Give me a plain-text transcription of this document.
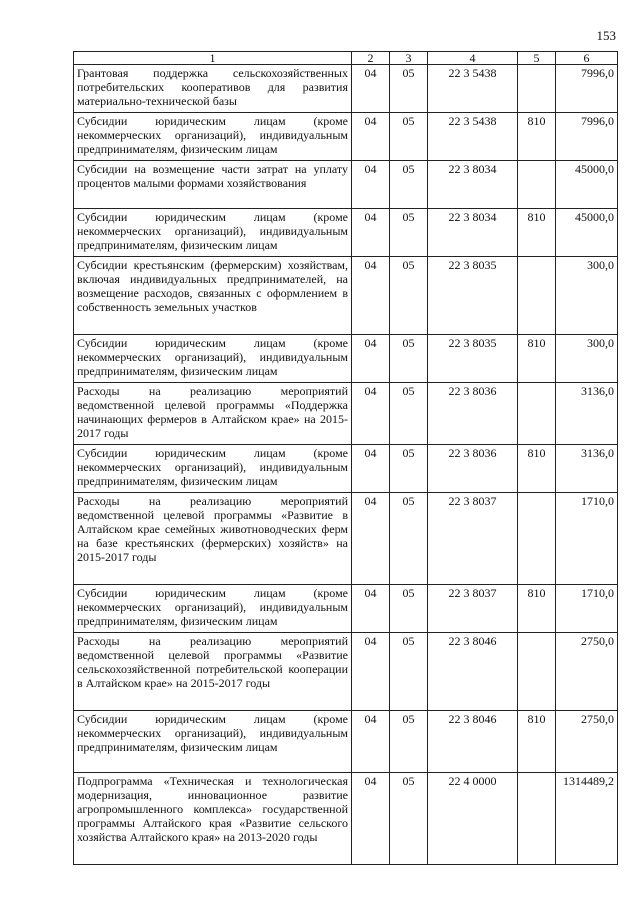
153
1	2	3	4	5	6
Грантовая поддержка сельскохозяйственных потребительских кооперативов для развития материально-технической базы	04	05	22 3 5438		7996,0
Субсидии юридическим лицам (кроме некоммерческих организаций), индивидуальным предпринимателям, физическим лицам	04	05	22 3 5438	810	7996,0
Субсидии на возмещение части затрат на уплату процентов малыми формами хозяйствования	04	05	22 3 8034		45000,0
Субсидии юридическим лицам (кроме некоммерческих организаций), индивидуальным предпринимателям, физическим лицам	04	05	22 3 8034	810	45000,0
Субсидии крестьянским (фермерским) хозяйствам, включая индивидуальных предпринимателей, на возмещение расходов, связанных с оформлением в собственность земельных участков	04	05	22 3 8035		300,0
Субсидии юридическим лицам (кроме некоммерческих организаций), индивидуальным предпринимателям, физическим лицам	04	05	22 3 8035	810	300,0
Расходы на реализацию мероприятий ведомственной целевой программы «Поддержка начинающих фермеров в Алтайском крае» на 2015-2017 годы	04	05	22 3 8036		3136,0
Субсидии юридическим лицам (кроме некоммерческих организаций), индивидуальным предпринимателям, физическим лицам	04	05	22 3 8036	810	3136,0
Расходы на реализацию мероприятий ведомственной целевой программы «Развитие в Алтайском крае семейных животноводческих ферм на базе крестьянских (фермерских) хозяйств» на 2015-2017 годы	04	05	22 3 8037		1710,0
Субсидии юридическим лицам (кроме некоммерческих организаций), индивидуальным предпринимателям, физическим лицам	04	05	22 3 8037	810	1710,0
Расходы на реализацию мероприятий ведомственной целевой программы «Развитие сельскохозяйственной потребительской кооперации в Алтайском крае» на 2015-2017 годы	04	05	22 3 8046		2750,0
Субсидии юридическим лицам (кроме некоммерческих организаций), индивидуальным предпринимателям, физическим лицам	04	05	22 3 8046	810	2750,0
Подпрограмма «Техническая и технологическая модернизация, инновационное развитие агропромышленного комплекса» государственной программы Алтайского края «Развитие сельского хозяйства Алтайского края» на 2013-2020 годы	04	05	22 4 0000		1314489,2
